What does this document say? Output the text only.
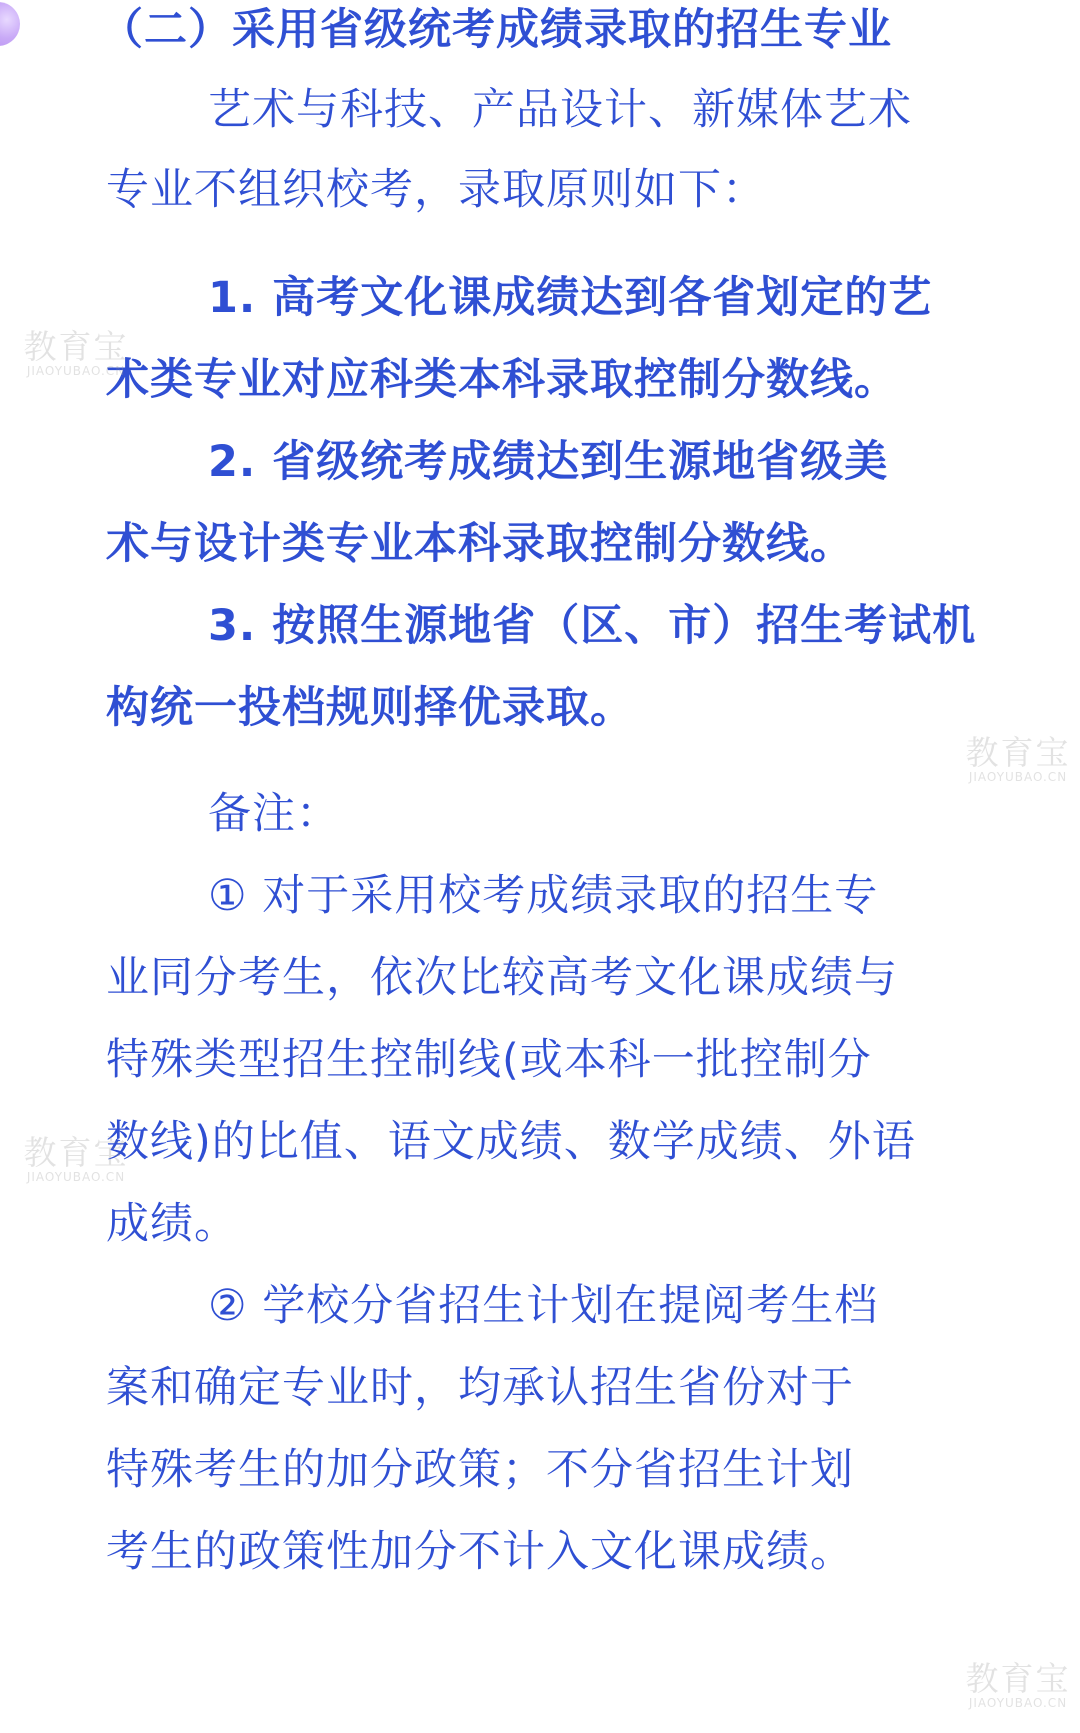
（二）采用省级统考成绩录取的招生专业
艺术与科技、产品设计、新媒体艺术
专业不组织校考，录取原则如下：
1. 高考文化课成绩达到各省划定的艺
术类专业对应科类本科录取控制分数线。
2. 省级统考成绩达到生源地省级美
术与设计类专业本科录取控制分数线。
3. 按照生源地省（区、市）招生考试机
构统一投档规则择优录取。
备注：
① 对于采用校考成绩录取的招生专
业同分考生，依次比较高考文化课成绩与
特殊类型招生控制线(或本科一批控制分
数线)的比值、语文成绩、数学成绩、外语
成绩。
② 学校分省招生计划在提阅考生档
案和确定专业时，均承认招生省份对于
特殊考生的加分政策；不分省招生计划
考生的政策性加分不计入文化课成绩。
教育宝
JIAOYUBAO.CN
教育宝
JIAOYUBAO.CN
教育宝
JIAOYUBAO.CN
教育宝
JIAOYUBAO.CN
